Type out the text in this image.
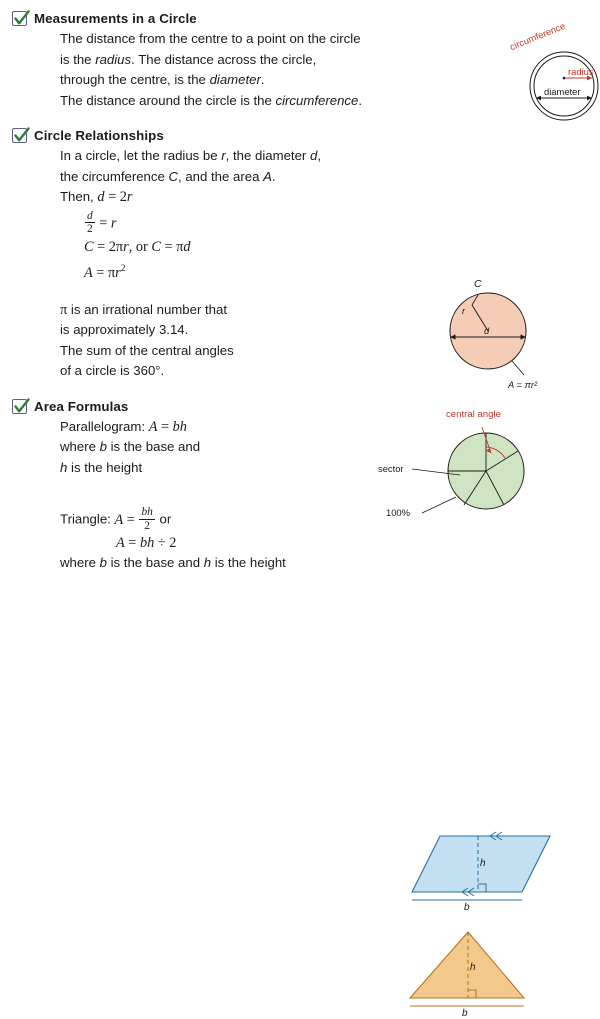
Measurements in a Circle
The distance from the centre to a point on the circle
is the radius. The distance across the circle,
through the centre, is the diameter.
The distance around the circle is the circumference.
circumference
radius
diameter
Circle Relationships
In a circle, let the radius be r, the diameter d,
the circumference C, and the area A.
Then, d = 2r
$\frac{d}{2} = r$
C = 2πr, or C = πd
$A = \pi r^2$
π is an irrational number that
is approximately 3.14.
The sum of the central angles
of a circle is 360°.
C
r
d
A = πr²
central angle
sector
100%
Area Formulas
Parallelogram: A = bh
where b is the base and
h is the height
Triangle: $A = \frac{bh}{2}$ or
A = bh ÷ 2
where b is the base and h is the height
h
b
h
b
